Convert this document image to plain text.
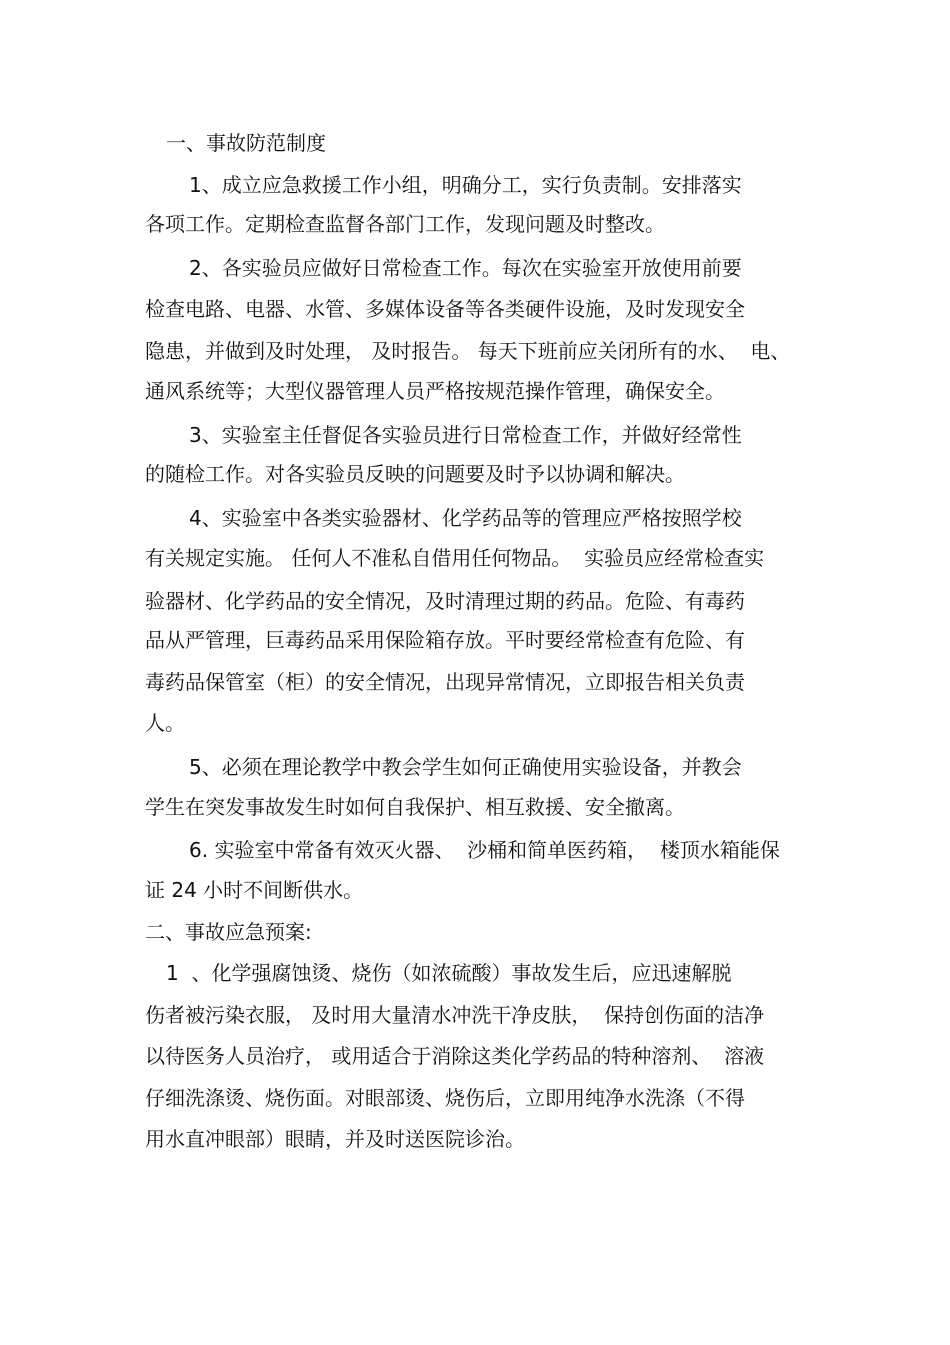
一、事故防范制度
1、成立应急救援工作小组，明确分工，实行负责制。安排落实
各项工作。定期检查监督各部门工作，发现问题及时整改。
2、各实验员应做好日常检查工作。每次在实验室开放使用前要
检查电路、电器、水管、多媒体设备等各类硬件设施，及时发现安全
隐患，并做到及时处理， 及时报告。 每天下班前应关闭所有的水、  电、
通风系统等；大型仪器管理人员严格按规范操作管理，确保安全。
3、实验室主任督促各实验员进行日常检查工作，并做好经常性
的随检工作。对各实验员反映的问题要及时予以协调和解决。
4、实验室中各类实验器材、化学药品等的管理应严格按照学校
有关规定实施。 任何人不准私自借用任何物品。  实验员应经常检查实
验器材、化学药品的安全情况，及时清理过期的药品。危险、有毒药
品从严管理，巨毒药品采用保险箱存放。平时要经常检查有危险、有
毒药品保管室（柜）的安全情况，出现异常情况，立即报告相关负责
人。
5、必须在理论教学中教会学生如何正确使用实验设备，并教会
学生在突发事故发生时如何自我保护、相互救援、安全撤离。
6. 实验室中常备有效灭火器、  沙桶和简单医药箱，  楼顶水箱能保
证 24 小时不间断供水。
二、事故应急预案:
1  、化学强腐蚀烫、烧伤（如浓硫酸）事故发生后，应迅速解脱
伤者被污染衣服， 及时用大量清水冲洗干净皮肤，  保持创伤面的洁净
以待医务人员治疗， 或用适合于消除这类化学药品的特种溶剂、  溶液
仔细洗涤烫、烧伤面。对眼部烫、烧伤后，立即用纯净水洗涤（不得
用水直冲眼部）眼睛，并及时送医院诊治。
